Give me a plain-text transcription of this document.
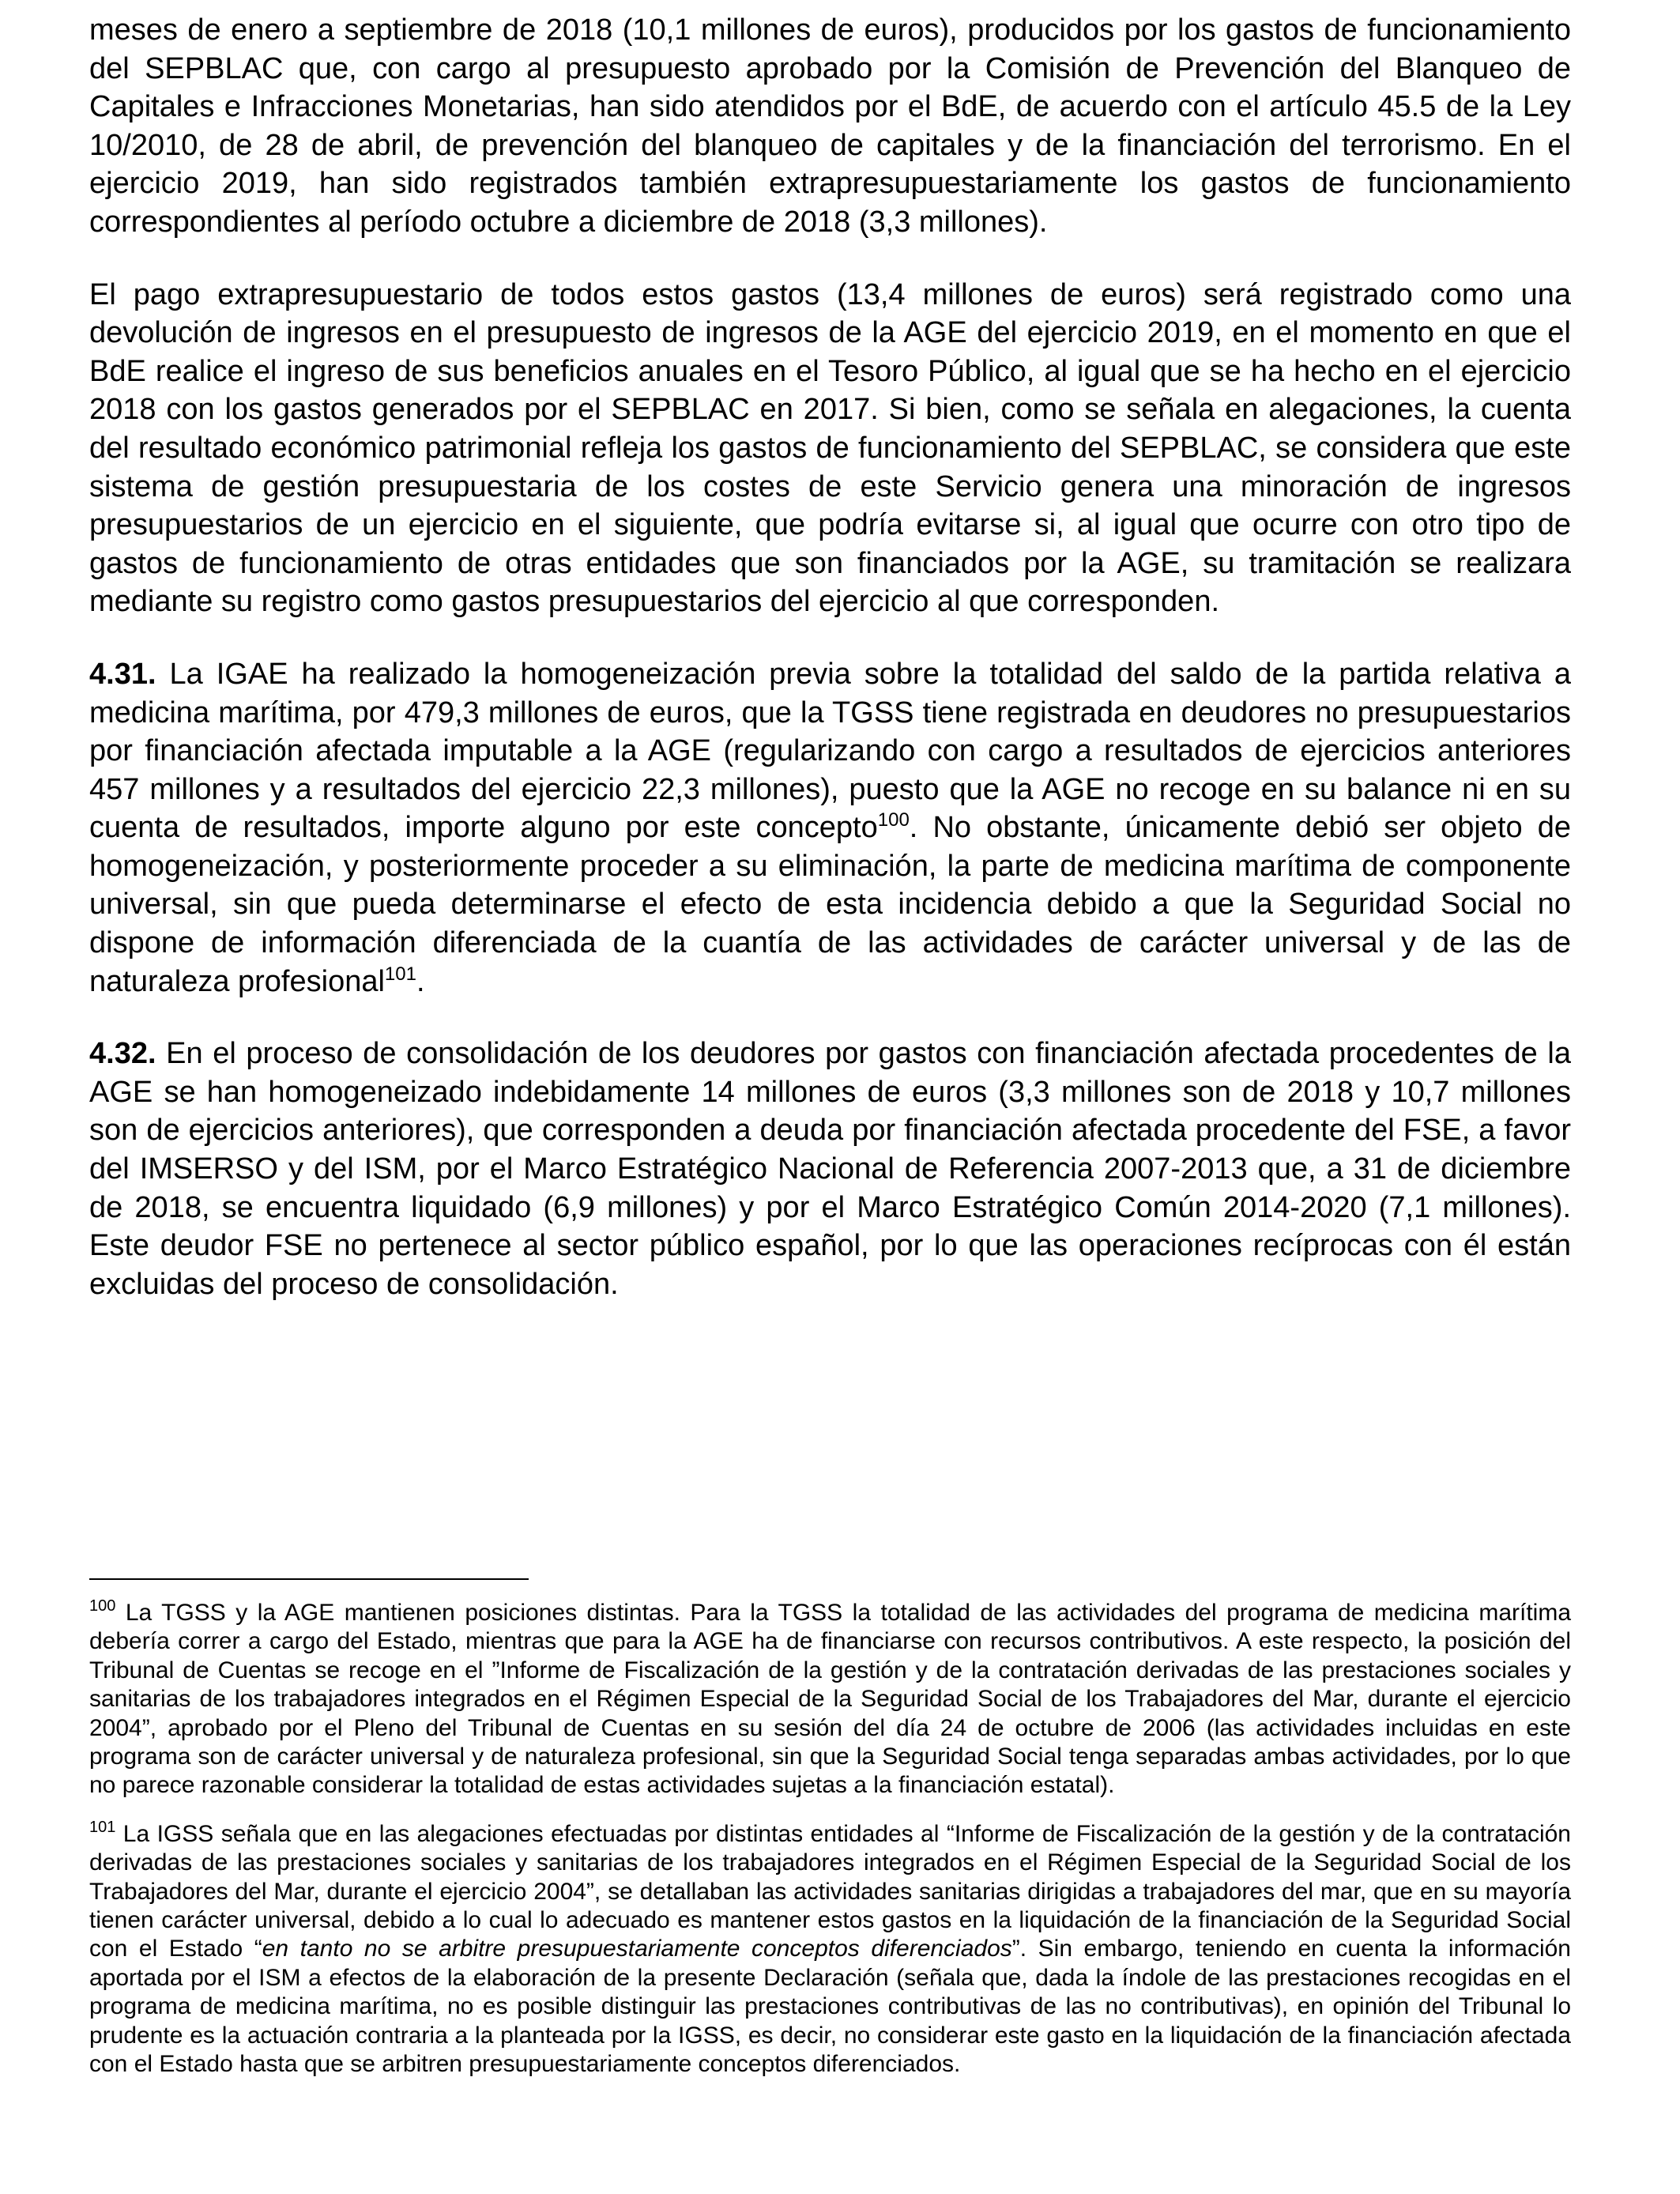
meses de enero a septiembre de 2018 (10,1 millones de euros), producidos por los gastos de funcionamiento del SEPBLAC que, con cargo al presupuesto aprobado por la Comisión de Prevención del Blanqueo de Capitales e Infracciones Monetarias, han sido atendidos por el BdE, de acuerdo con el artículo 45.5 de la Ley 10/2010, de 28 de abril, de prevención del blanqueo de capitales y de la financiación del terrorismo. En el ejercicio 2019, han sido registrados también extrapresupuestariamente los gastos de funcionamiento correspondientes al período octubre a diciembre de 2018 (3,3 millones).

El pago extrapresupuestario de todos estos gastos (13,4 millones de euros) será registrado como una devolución de ingresos en el presupuesto de ingresos de la AGE del ejercicio 2019, en el momento en que el BdE realice el ingreso de sus beneficios anuales en el Tesoro Público, al igual que se ha hecho en el ejercicio 2018 con los gastos generados por el SEPBLAC en 2017. Si bien, como se señala en alegaciones, la cuenta del resultado económico patrimonial refleja los gastos de funcionamiento del SEPBLAC, se considera que este sistema de gestión presupuestaria de los costes de este Servicio genera una minoración de ingresos presupuestarios de un ejercicio en el siguiente, que podría evitarse si, al igual que ocurre con otro tipo de gastos de funcionamiento de otras entidades que son financiados por la AGE, su tramitación se realizara mediante su registro como gastos presupuestarios del ejercicio al que corresponden.

4.31. La IGAE ha realizado la homogeneización previa sobre la totalidad del saldo de la partida relativa a medicina marítima, por 479,3 millones de euros, que la TGSS tiene registrada en deudores no presupuestarios por financiación afectada imputable a la AGE (regularizando con cargo a resultados de ejercicios anteriores 457 millones y a resultados del ejercicio 22,3 millones), puesto que la AGE no recoge en su balance ni en su cuenta de resultados, importe alguno por este concepto$^{100}$. No obstante, únicamente debió ser objeto de homogeneización, y posteriormente proceder a su eliminación, la parte de medicina marítima de componente universal, sin que pueda determinarse el efecto de esta incidencia debido a que la Seguridad Social no dispone de información diferenciada de la cuantía de las actividades de carácter universal y de las de naturaleza profesional$^{101}$.

4.32. En el proceso de consolidación de los deudores por gastos con financiación afectada procedentes de la AGE se han homogeneizado indebidamente 14 millones de euros (3,3 millones son de 2018 y 10,7 millones son de ejercicios anteriores), que corresponden a deuda por financiación afectada procedente del FSE, a favor del IMSERSO y del ISM, por el Marco Estratégico Nacional de Referencia 2007-2013 que, a 31 de diciembre de 2018, se encuentra liquidado (6,9 millones) y por el Marco Estratégico Común 2014-2020 (7,1 millones). Este deudor FSE no pertenece al sector público español, por lo que las operaciones recíprocas con él están excluidas del proceso de consolidación.

$^{100}$ La TGSS y la AGE mantienen posiciones distintas. Para la TGSS la totalidad de las actividades del programa de medicina marítima debería correr a cargo del Estado, mientras que para la AGE ha de financiarse con recursos contributivos. A este respecto, la posición del Tribunal de Cuentas se recoge en el ”Informe de Fiscalización de la gestión y de la contratación derivadas de las prestaciones sociales y sanitarias de los trabajadores integrados en el Régimen Especial de la Seguridad Social de los Trabajadores del Mar, durante el ejercicio 2004”, aprobado por el Pleno del Tribunal de Cuentas en su sesión del día 24 de octubre de 2006 (las actividades incluidas en este programa son de carácter universal y de naturaleza profesional, sin que la Seguridad Social tenga separadas ambas actividades, por lo que no parece razonable considerar la totalidad de estas actividades sujetas a la financiación estatal).

$^{101}$ La IGSS señala que en las alegaciones efectuadas por distintas entidades al “Informe de Fiscalización de la gestión y de la contratación derivadas de las prestaciones sociales y sanitarias de los trabajadores integrados en el Régimen Especial de la Seguridad Social de los Trabajadores del Mar, durante el ejercicio 2004”, se detallaban las actividades sanitarias dirigidas a trabajadores del mar, que en su mayoría tienen carácter universal, debido a lo cual lo adecuado es mantener estos gastos en la liquidación de la financiación de la Seguridad Social con el Estado “en tanto no se arbitre presupuestariamente conceptos diferenciados”. Sin embargo, teniendo en cuenta la información aportada por el ISM a efectos de la elaboración de la presente Declaración (señala que, dada la índole de las prestaciones recogidas en el programa de medicina marítima, no es posible distinguir las prestaciones contributivas de las no contributivas), en opinión del Tribunal lo prudente es la actuación contraria a la planteada por la IGSS, es decir, no considerar este gasto en la liquidación de la financiación afectada con el Estado hasta que se arbitren presupuestariamente conceptos diferenciados.
